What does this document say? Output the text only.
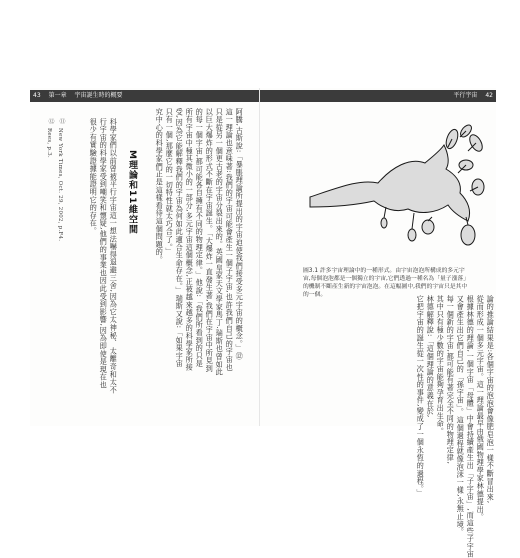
43 第一章 宇宙誕生時的概要	平行宇宙 42
阿騰,古斯說:「暴脹理論所提出的宇宙迫使我們接受多元宇宙的概念。」⑫
這一理論也意味著:我們的宇宙可能會產生一個子宇宙,也許我們自己的宇宙也
只是從另一個更古老的宇宙分裂出來的。英國皇家天文學家馬丁.瑞斯也曾如此
以巨大爆炸的形式不斷在宇宙誕生。「大爆炸一直發生著,我們在宇宙中所見到
的每一個宇宙,都可能各自擁有不同的物理定律。」他說:「我們所看到的只是
所有宇宙中極其微小的一部分,多元宇宙這個概念,正被越來越多的科學家所接
受,因為它能解釋我們的宇宙為何如此適合生命存在。」瑞斯又說:「如果宇宙
只有一個,那麼它的一切特性就太巧合了。」
究中心的科學家們正是這樣看待這個問題的。
M理論和11維空間
科學家們以前曾被平行宇宙這一想法嚇得退避三舍,因為它太神秘、太離奇和太不
行宇宙的科學家受到嘲笑和懷疑,他們的事業也因此受到影響,因為即使是現在也
很少有實驗證據能證明它的存在。
⑪
New York Times, Oct. 29, 2002, p.F4.
⑫
Rees, p.3.
圖3.1 許多宇宙理論中的一種形式。由宇宙泡泡所構成的多元宇宙,每個泡泡都是一個獨立的宇宙,它們透過一種名為「量子漲落」的機制不斷產生新的宇宙泡泡。在這幅圖中,我們的宇宙只是其中的一個。	論的推論結果是:各個宇宙的泡泡會像肥皂泡一樣不斷冒出來,
從而形成一個多元宇宙。這一理論最早由俄國物理學家林德提出。
根據林德的理論,一個宇宙「母體」中會持續產生出「子宇宙」,而這些子宇宙
又會產生出它們自己的「孫宇宙」。這個過程就像泡沫一樣,永無止境。
每一個新的宇宙,都可能有著完全不同的物理定律,
其中只有極少數的宇宙能夠孕育出生命。
林德解釋說:「這個理論的意義在於,
它把宇宙的誕生從一次性的事件,變成了一個永恆的過程。」
